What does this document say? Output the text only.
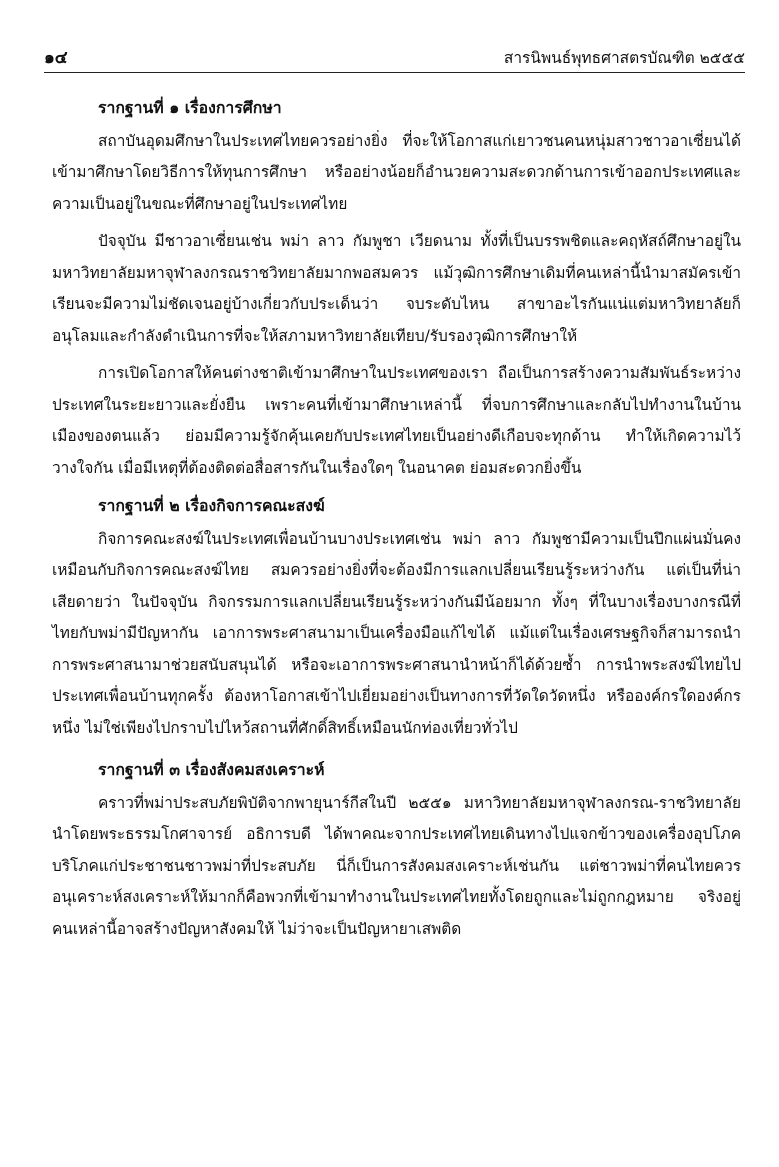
๑๔	สารนิพนธ์พุทธศาสตรบัณฑิต ๒๕๕๕
รากฐานที่ ๑ เรื่องการศึกษา

สถาบันอุดมศึกษาในประเทศไทยควรอย่างยิ่ง ที่จะให้โอกาสแก่เยาวชนคนหนุ่มสาวชาวอาเซี่ยนได้เข้ามาศึกษาโดยวิธีการให้ทุนการศึกษา หรืออย่างน้อยก็อำนวยความสะดวกด้านการเข้าออกประเทศและความเป็นอยู่ในขณะที่ศึกษาอยู่ในประเทศไทย

ปัจจุบัน มีชาวอาเซี่ยนเช่น พม่า ลาว กัมพูชา เวียดนาม ทั้งที่เป็นบรรพชิตและคฤหัสถ์ศึกษาอยู่ในมหาวิทยาลัยมหาจุฬาลงกรณราชวิทยาลัยมากพอสมควร แม้วุฒิการศึกษาเดิมที่คนเหล่านี้นำมาสมัครเข้าเรียนจะมีความไม่ชัดเจนอยู่บ้างเกี่ยวกับประเด็นว่า จบระดับไหน สาขาอะไรกันแน่แต่มหาวิทยาลัยก็อนุโลมและกำลังดำเนินการที่จะให้สภามหาวิทยาลัยเทียบ/รับรองวุฒิการศึกษาให้

การเปิดโอกาสให้คนต่างชาติเข้ามาศึกษาในประเทศของเรา ถือเป็นการสร้างความสัมพันธ์ระหว่างประเทศในระยะยาวและยั่งยืน เพราะคนที่เข้ามาศึกษาเหล่านี้ ที่จบการศึกษาและกลับไปทำงานในบ้านเมืองของตนแล้ว ย่อมมีความรู้จักคุ้นเคยกับประเทศไทยเป็นอย่างดีเกือบจะทุกด้าน ทำให้เกิดความไว้วางใจกัน เมื่อมีเหตุที่ต้องติดต่อสื่อสารกันในเรื่องใดๆ ในอนาคต ย่อมสะดวกยิ่งขึ้น

รากฐานที่ ๒ เรื่องกิจการคณะสงฆ์

กิจการคณะสงฆ์ในประเทศเพื่อนบ้านบางประเทศเช่น พม่า ลาว กัมพูชามีความเป็นปึกแผ่นมั่นคงเหมือนกับกิจการคณะสงฆ์ไทย สมควรอย่างยิ่งที่จะต้องมีการแลกเปลี่ยนเรียนรู้ระหว่างกัน แต่เป็นที่น่าเสียดายว่า ในปัจจุบัน กิจกรรมการแลกเปลี่ยนเรียนรู้ระหว่างกันมีน้อยมาก ทั้งๆ ที่ในบางเรื่องบางกรณีที่ไทยกับพม่ามีปัญหากัน เอาการพระศาสนามาเป็นเครื่องมือแก้ไขได้ แม้แต่ในเรื่องเศรษฐกิจก็สามารถนำการพระศาสนามาช่วยสนับสนุนได้ หรือจะเอาการพระศาสนานำหน้าก็ได้ด้วยซ้ำ การนำพระสงฆ์ไทยไปประเทศเพื่อนบ้านทุกครั้ง ต้องหาโอกาสเข้าไปเยี่ยมอย่างเป็นทางการที่วัดใดวัดหนึ่ง หรือองค์กรใดองค์กรหนึ่ง ไม่ใช่เพียงไปกราบไปไหว้สถานที่ศักดิ์สิทธิ์เหมือนนักท่องเที่ยวทั่วไป

รากฐานที่ ๓ เรื่องสังคมสงเคราะห์

คราวที่พม่าประสบภัยพิบัติจากพายุนาร์กีสในปี ๒๕๕๑ มหาวิทยาลัยมหาจุฬาลงกรณ-ราชวิทยาลัย นำโดยพระธรรมโกศาจารย์ อธิการบดี ได้พาคณะจากประเทศไทยเดินทางไปแจกข้าวของเครื่องอุปโภคบริโภคแก่ประชาชนชาวพม่าที่ประสบภัย นี่ก็เป็นการสังคมสงเคราะห์เช่นกัน แต่ชาวพม่าที่คนไทยควรอนุเคราะห์สงเคราะห์ให้มากก็คือพวกที่เข้ามาทำงานในประเทศไทยทั้งโดยถูกและไม่ถูกกฎหมาย จริงอยู่ คนเหล่านี้อาจสร้างปัญหาสังคมให้ ไม่ว่าจะเป็นปัญหายาเสพติด
